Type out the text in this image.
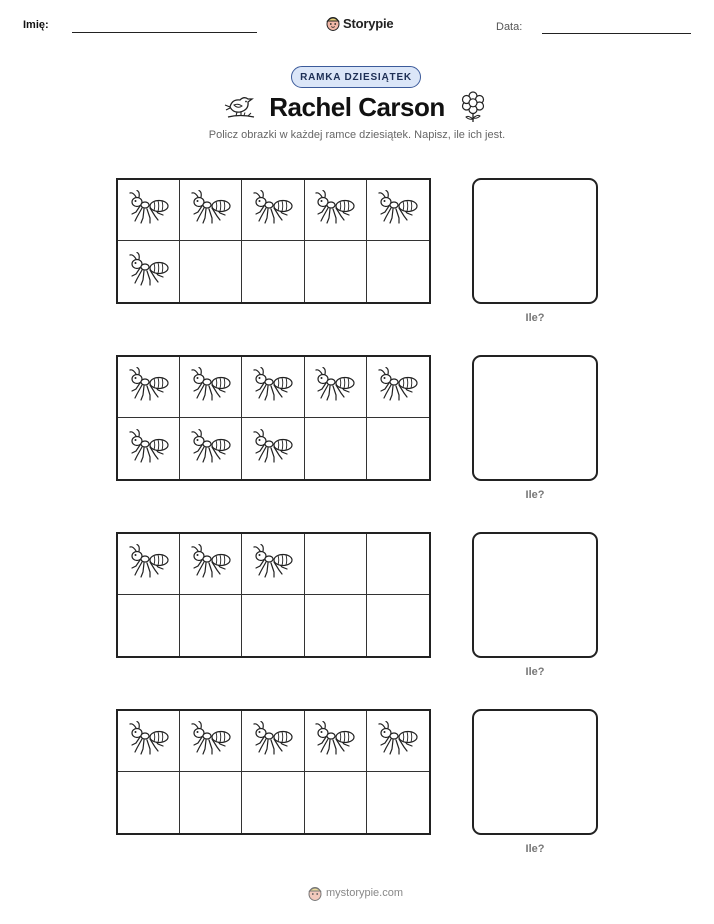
Imię:	Storypie	Data:
RAMKA DZIESIĄTEK
Rachel Carson
Policz obrazki w każdej ramce dziesiątek. Napisz, ile ich jest.
Ile?
Ile?
Ile?
Ile?
mystorypie.com
